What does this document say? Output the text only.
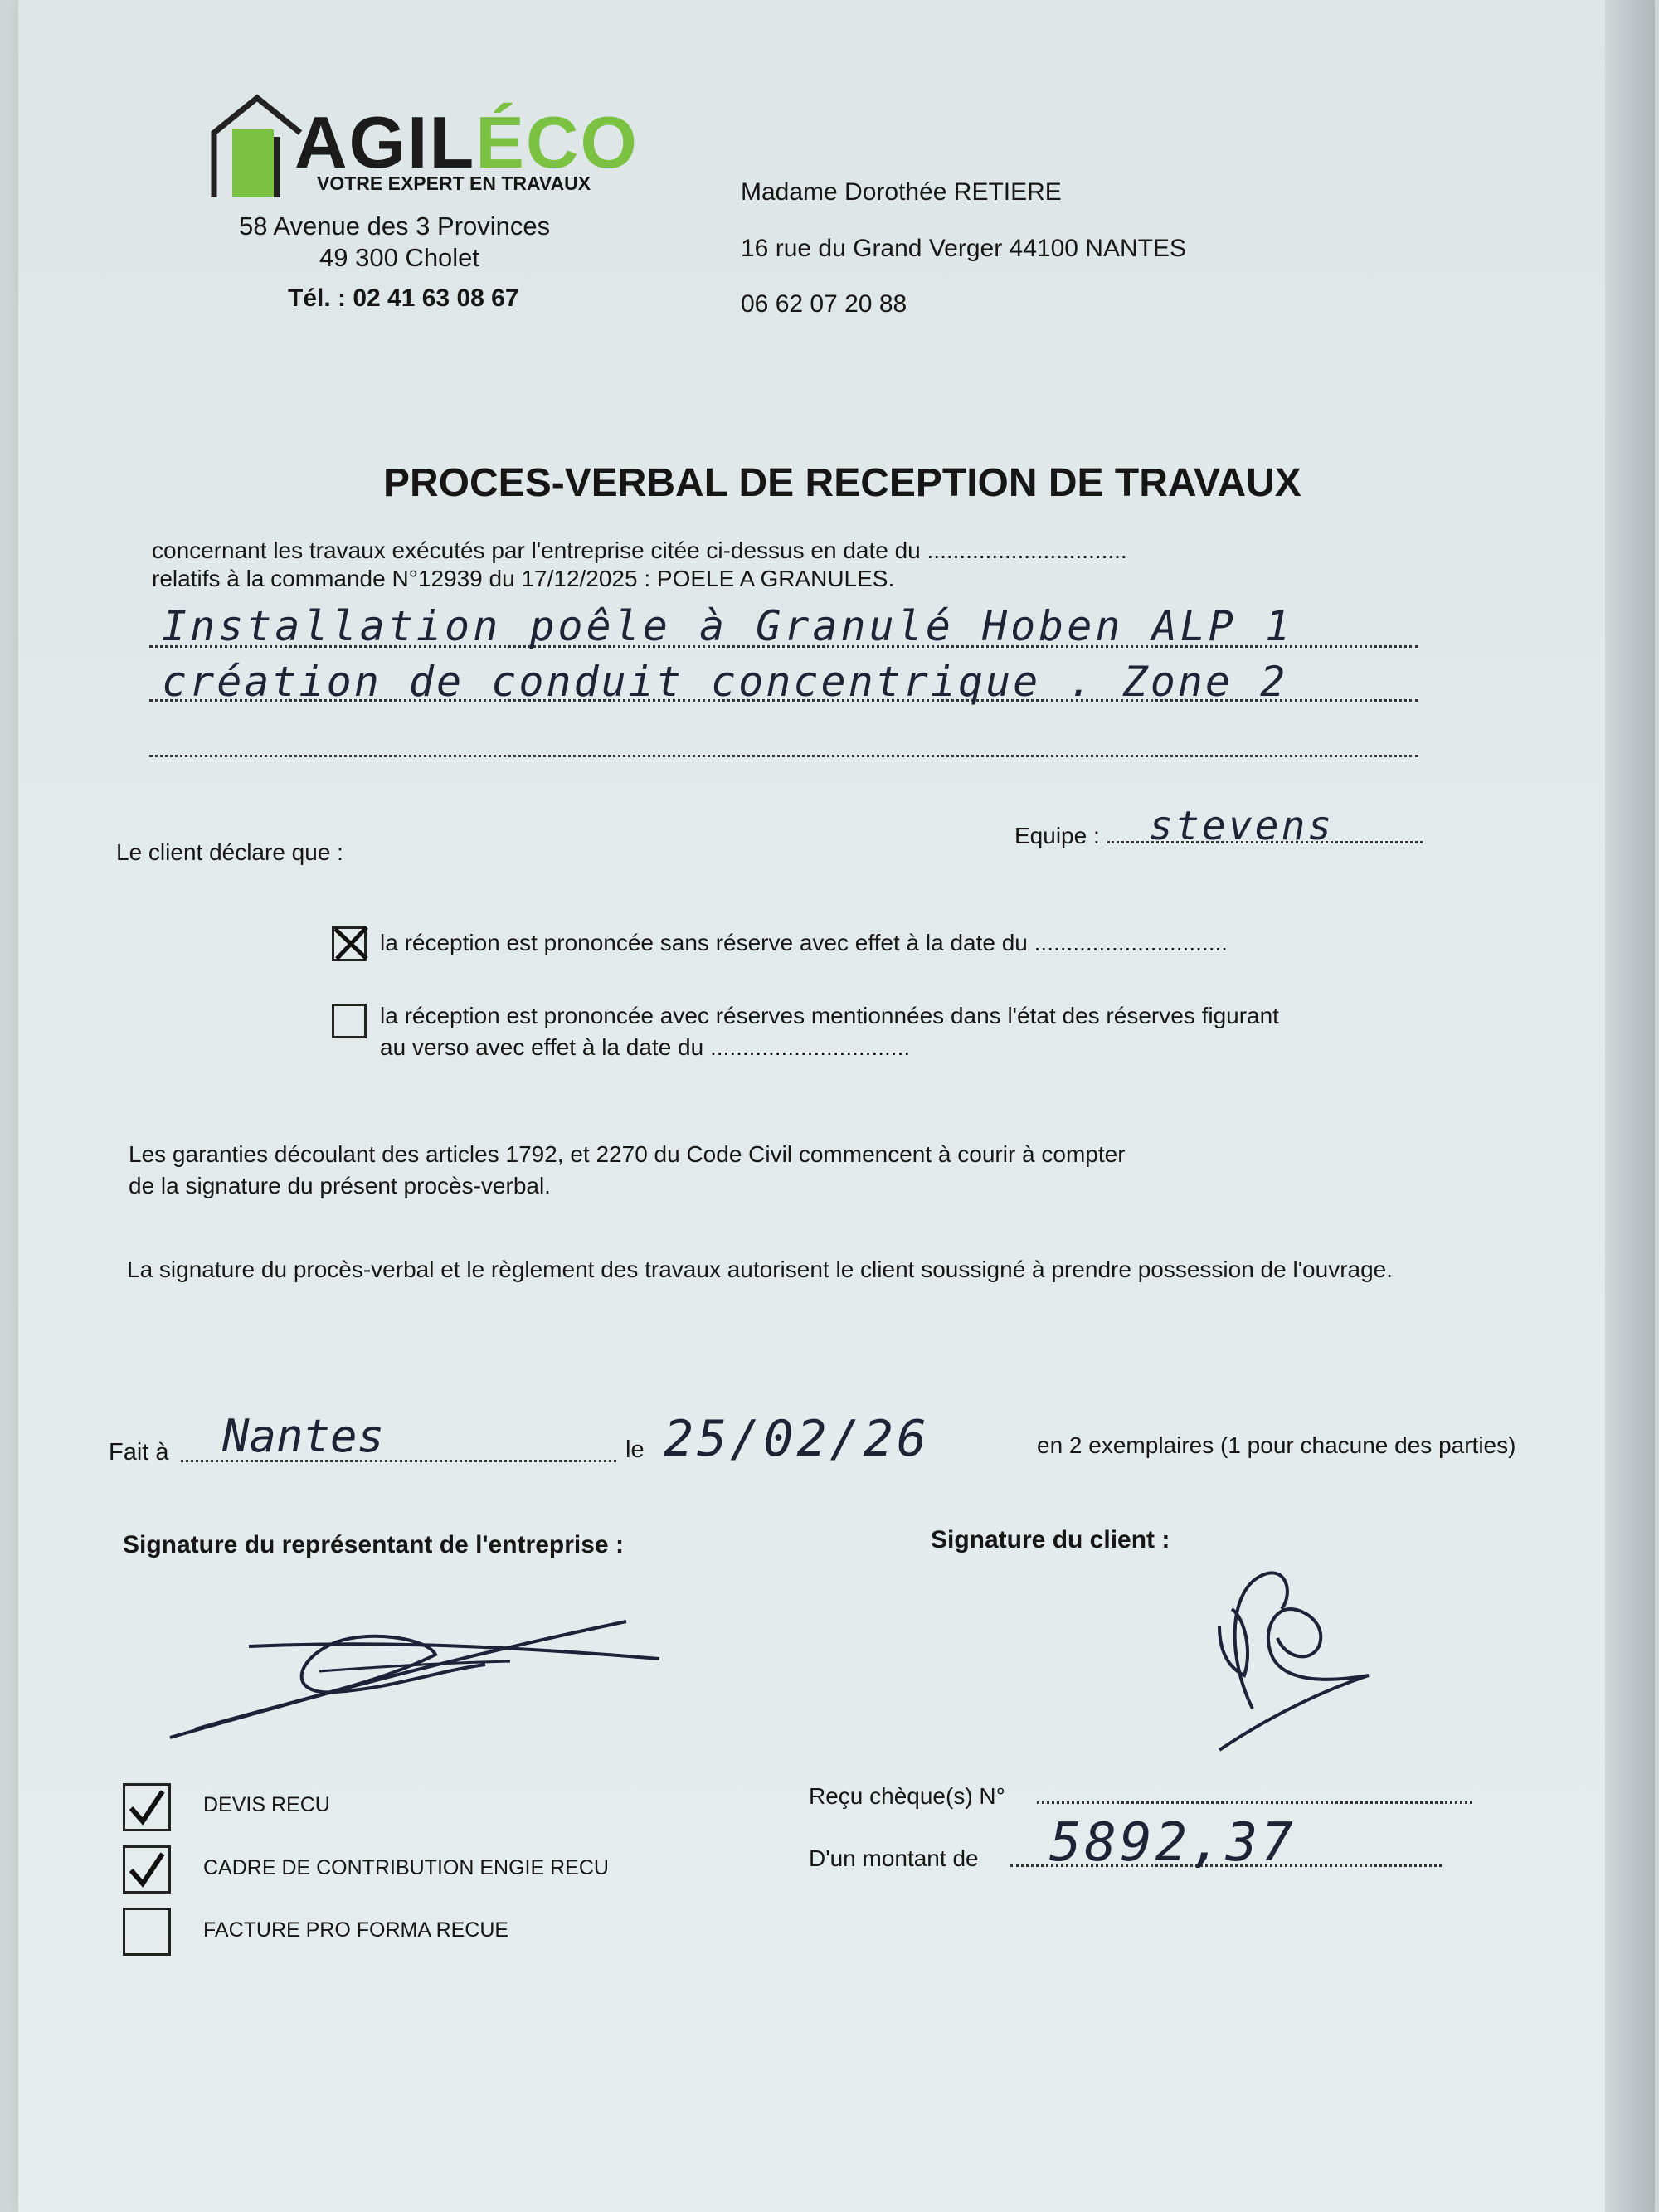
AGILÉCO
VOTRE EXPERT EN TRAVAUX
58 Avenue des 3 Provinces
49 300 Cholet
Tél. : 02 41 63 08 67
Madame Dorothée RETIERE
16 rue du Grand Verger 44100 NANTES
06 62 07 20 88
PROCES-VERBAL DE RECEPTION DE TRAVAUX
concernant les travaux exécutés par l'entreprise citée ci-dessus en date du ...............................
relatifs à la commande N°12939 du 17/12/2025 : POELE A GRANULES.
Installation poêle à Granulé Hoben ALP 1
création de conduit concentrique . Zone 2
Le client déclare que :
Equipe : stevens
la réception est prononcée sans réserve avec effet à la date du ..............................
la réception est prononcée avec réserves mentionnées dans l'état des réserves figurant
au verso avec effet à la date du ...............................
Les garanties découlant des articles 1792, et 2270 du Code Civil commencent à courir à compter
de la signature du présent procès-verbal.
La signature du procès-verbal et le règlement des travaux autorisent le client soussigné à prendre possession de l'ouvrage.
Fait à Nantes	le 25/02/26	en 2 exemplaires (1 pour chacune des parties)
Signature du représentant de l'entreprise :	Signature du client :
DEVIS RECU
CADRE DE CONTRIBUTION ENGIE RECU
FACTURE PRO FORMA RECUE
Reçu chèque(s) N°
D'un montant de 5892,37
